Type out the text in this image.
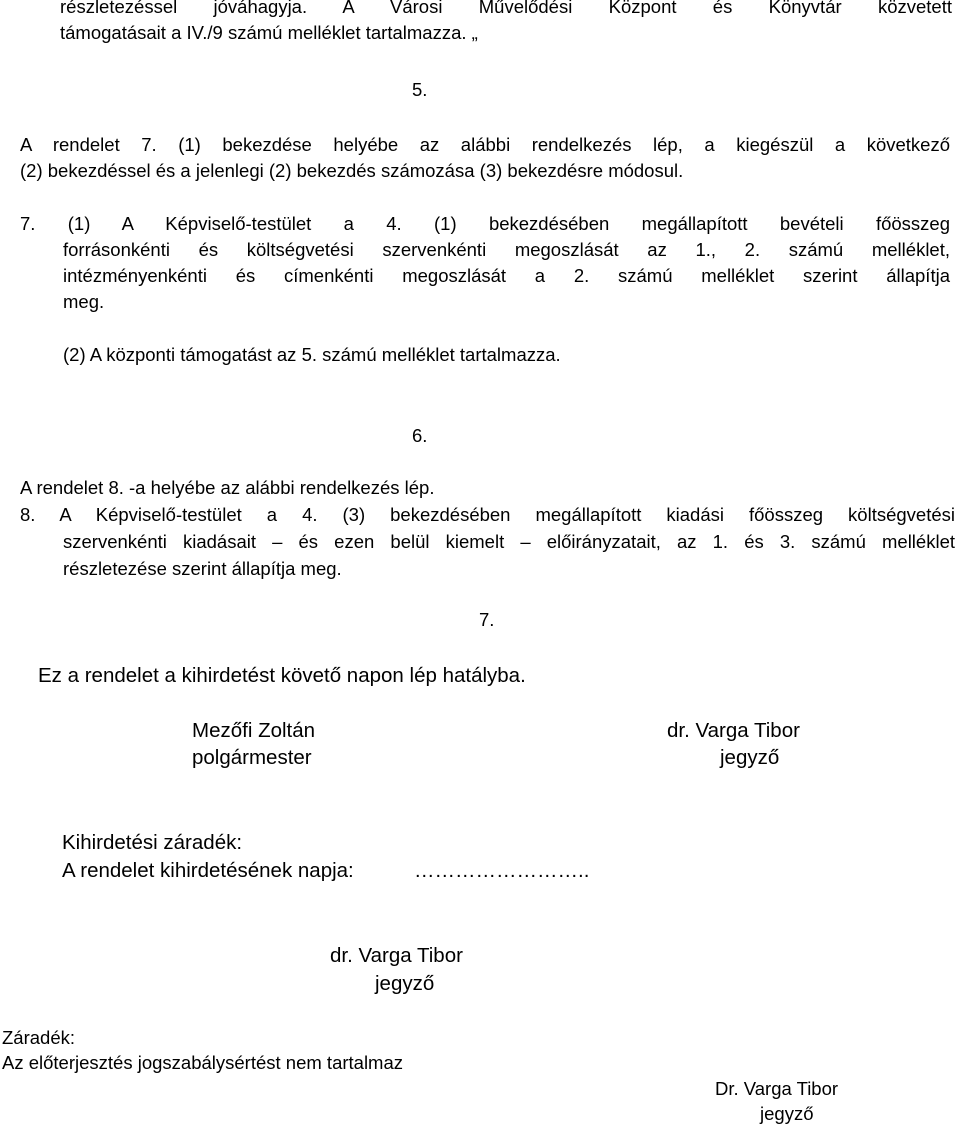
részletezéssel jóváhagyja. A Városi Művelődési Központ és Könyvtár közvetett
támogatásait a IV./9 számú melléklet tartalmazza. „
5.
A rendelet 7. (1) bekezdése helyébe az alábbi rendelkezés lép, a kiegészül a következő
(2) bekezdéssel és a jelenlegi (2) bekezdés számozása (3) bekezdésre módosul.
7. (1) A Képviselő-testület a 4. (1) bekezdésében megállapított bevételi főösszeg
forrásonkénti és költségvetési szervenkénti megoszlását az 1., 2. számú melléklet,
intézményenkénti és címenkénti megoszlását a 2. számú melléklet szerint állapítja
meg.
(2) A központi támogatást az 5. számú melléklet tartalmazza.
6.
A rendelet 8. -a helyébe az alábbi rendelkezés lép.
8. A Képviselő-testület a 4. (3) bekezdésében megállapított kiadási főösszeg költségvetési
szervenkénti kiadásait – és ezen belül kiemelt – előirányzatait, az 1. és 3. számú melléklet
részletezése szerint állapítja meg.
7.
Ez a rendelet a kihirdetést követő napon lép hatályba.
Mezőfi Zoltán
polgármester
dr. Varga Tibor
jegyző
Kihirdetési záradék:
A rendelet kihirdetésének napja:	……………………..
dr. Varga Tibor
jegyző
Záradék:
Az előterjesztés jogszabálysértést nem tartalmaz
Dr. Varga Tibor
jegyző
